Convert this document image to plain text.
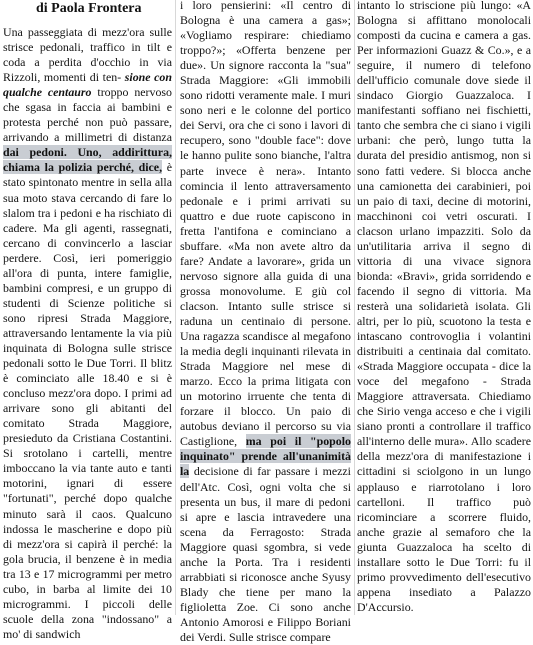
di Paola Frontera

Una passeggiata di mezz'ora sulle strisce pedonali, traffico in tilt e coda a perdita d'occhio in via Rizzoli, momenti di ten- sione con qualche centauro troppo nervoso che sgasa in faccia ai bambini e protesta perché non può passare, arrivando a millimetri di distanza dai pedoni. Uno, addirittura, chiama la polizia perché, dice, è stato spintonato mentre in sella alla sua moto stava cercando di fare lo slalom tra i pedoni e ha rischiato di cadere. Ma gli agenti, rassegnati, cercano di convincerlo a lasciar perdere. Così, ieri pomeriggio all'ora di punta, intere famiglie, bambini compresi, e un gruppo di studenti di Scienze politiche si sono ripresi Strada Maggiore, attraversando lentamente la via più inquinata di Bologna sulle strisce pedonali sotto le Due Torri. Il blitz è cominciato alle 18.40 e si è concluso mezz'ora dopo. I primi ad arrivare sono gli abitanti del comitato Strada Maggiore, presieduto da Cristiana Costantini. Si srotolano i cartelli, mentre imboccano la via tante auto e tanti motorini, ignari di essere "fortunati", perché dopo qualche minuto sarà il caos. Qualcuno indossa le mascherine e dopo più di mezz'ora si capirà il perché: la gola brucia, il benzene è in media tra 13 e 17 microgrammi per metro cubo, in barba al limite dei 10 microgrammi. I piccoli delle scuole della zona "indossano" a mo' di sandwich

i loro pensierini: «Il centro di Bologna è una camera a gas»; «Vogliamo respirare: chiediamo troppo?»; «Offerta benzene per due». Un signore racconta la "sua" Strada Maggiore: «Gli immobili sono ridotti veramente male. I muri sono neri e le colonne del portico dei Servi, ora che ci sono i lavori di recupero, sono "double face": dove le hanno pulite sono bianche, l'altra parte invece è nera». Intanto comincia il lento attraversamento pedonale e i primi arrivati su quattro e due ruote capiscono in fretta l'antifona e cominciano a sbuffare. «Ma non avete altro da fare? Andate a lavorare», grida un nervoso signore alla guida di una grossa monovolume. E giù col clacson. Intanto sulle strisce si raduna un centinaio di persone. Una ragazza scandisce al megafono la media degli inquinanti rilevata in Strada Maggiore nel mese di marzo. Ecco la prima litigata con un motorino irruente che tenta di forzare il blocco. Un paio di autobus deviano il percorso su via Castiglione, ma poi il "popolo inquinato" prende all'unanimità la decisione di far passare i mezzi dell'Atc. Così, ogni volta che si presenta un bus, il mare di pedoni si apre e lascia intravedere una scena da Ferragosto: Strada Maggiore quasi sgombra, si vede anche la Porta. Tra i residenti arrabbiati si riconosce anche Syusy Blady che tiene per mano la figlioletta Zoe. Ci sono anche Antonio Amorosi e Filippo Boriani dei Verdi. Sulle strisce compare

intanto lo striscione più lungo: «A Bologna si affittano monolocali composti da cucina e camera a gas. Per informazioni Guazz & Co.», e a seguire, il numero di telefono dell'ufficio comunale dove siede il sindaco Giorgio Guazzaloca. I manifestanti soffiano nei fischietti, tanto che sembra che ci siano i vigili urbani: che però, lungo tutta la durata del presidio antismog, non si sono fatti vedere. Si blocca anche una camionetta dei carabinieri, poi un paio di taxi, decine di motorini, macchinoni coi vetri oscurati. I clacson urlano impazziti. Solo da un'utilitaria arriva il segno di vittoria di una vivace signora bionda: «Bravi», grida sorridendo e facendo il segno di vittoria. Ma resterà una solidarietà isolata. Gli altri, per lo più, scuotono la testa e intascano controvoglia i volantini distribuiti a centinaia dal comitato. «Strada Maggiore occupata - dice la voce del megafono - Strada Maggiore attraversata. Chiediamo che Sirio venga acceso e che i vigili siano pronti a controllare il traffico all'interno delle mura». Allo scadere della mezz'ora di manifestazione i cittadini si sciolgono in un lungo applauso e riarrotolano i loro cartelloni. Il traffico può ricominciare a scorrere fluido, anche grazie al semaforo che la giunta Guazzaloca ha scelto di installare sotto le Due Torri: fu il primo provvedimento dell'esecutivo appena insediato a Palazzo D'Accursio.
